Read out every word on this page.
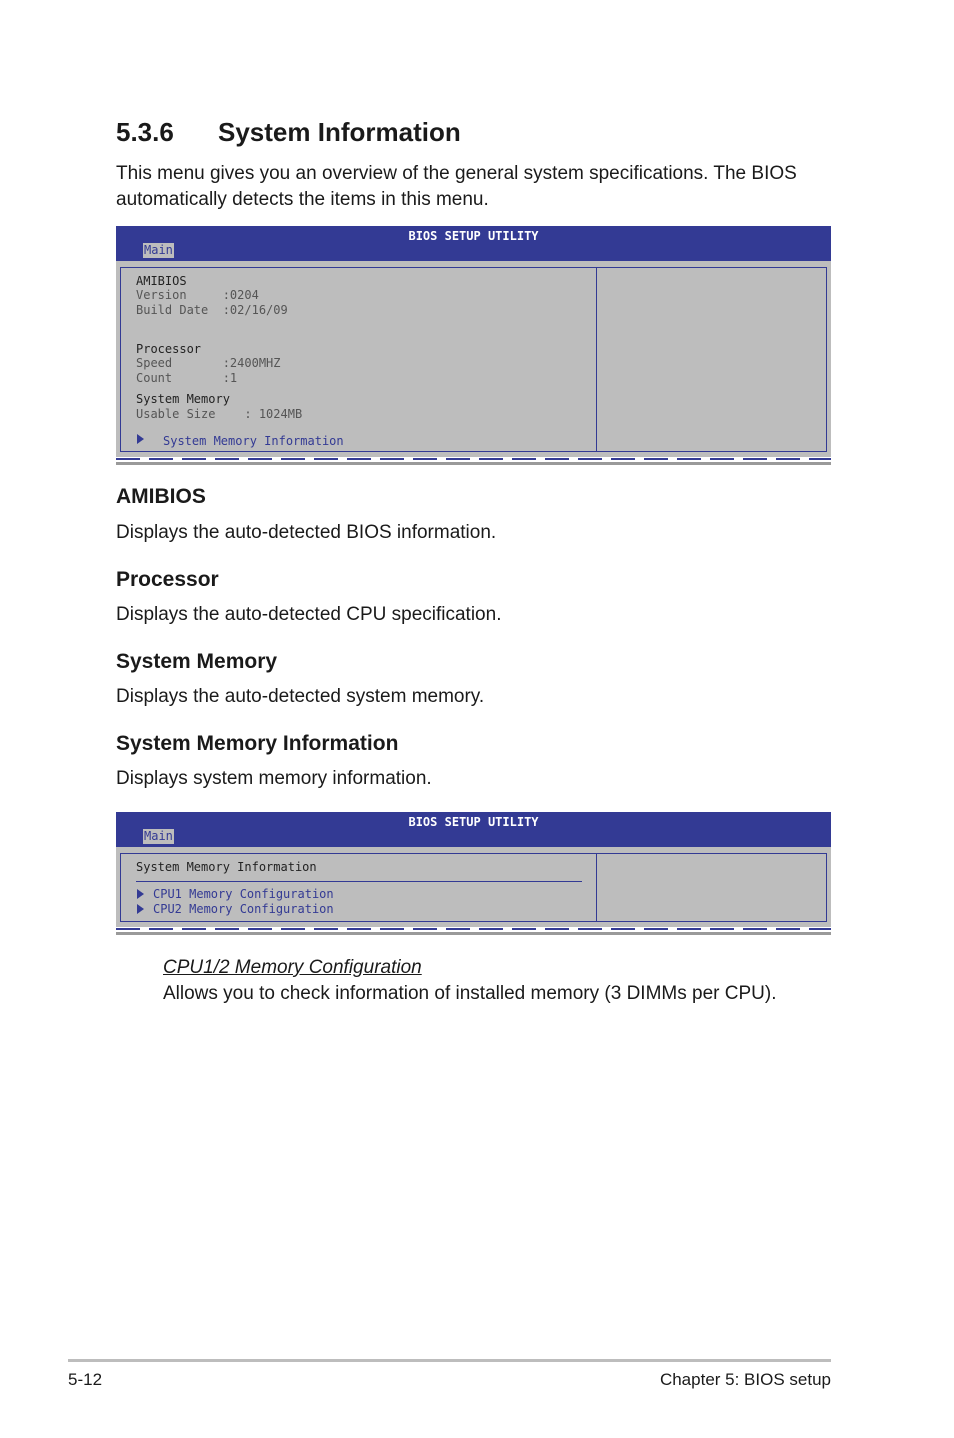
5.3.6 System Information
This menu gives you an overview of the general system specifications. The BIOS automatically detects the items in this menu.
BIOS SETUP UTILITY
Main
AMIBIOS
Version     :0204
Build Date  :02/16/09
Processor
Speed       :2400MHZ
Count       :1
System Memory
Usable Size    : 1024MB
System Memory Information
AMIBIOS
Displays the auto-detected BIOS information.
Processor
Displays the auto-detected CPU specification.
System Memory
Displays the auto-detected system memory.
System Memory Information
Displays system memory information.
BIOS SETUP UTILITY
Main
System Memory Information
CPU1 Memory Configuration
CPU2 Memory Configuration
CPU1/2 Memory Configuration
Allows you to check information of installed memory (3 DIMMs per CPU).
5-12	Chapter 5: BIOS setup
